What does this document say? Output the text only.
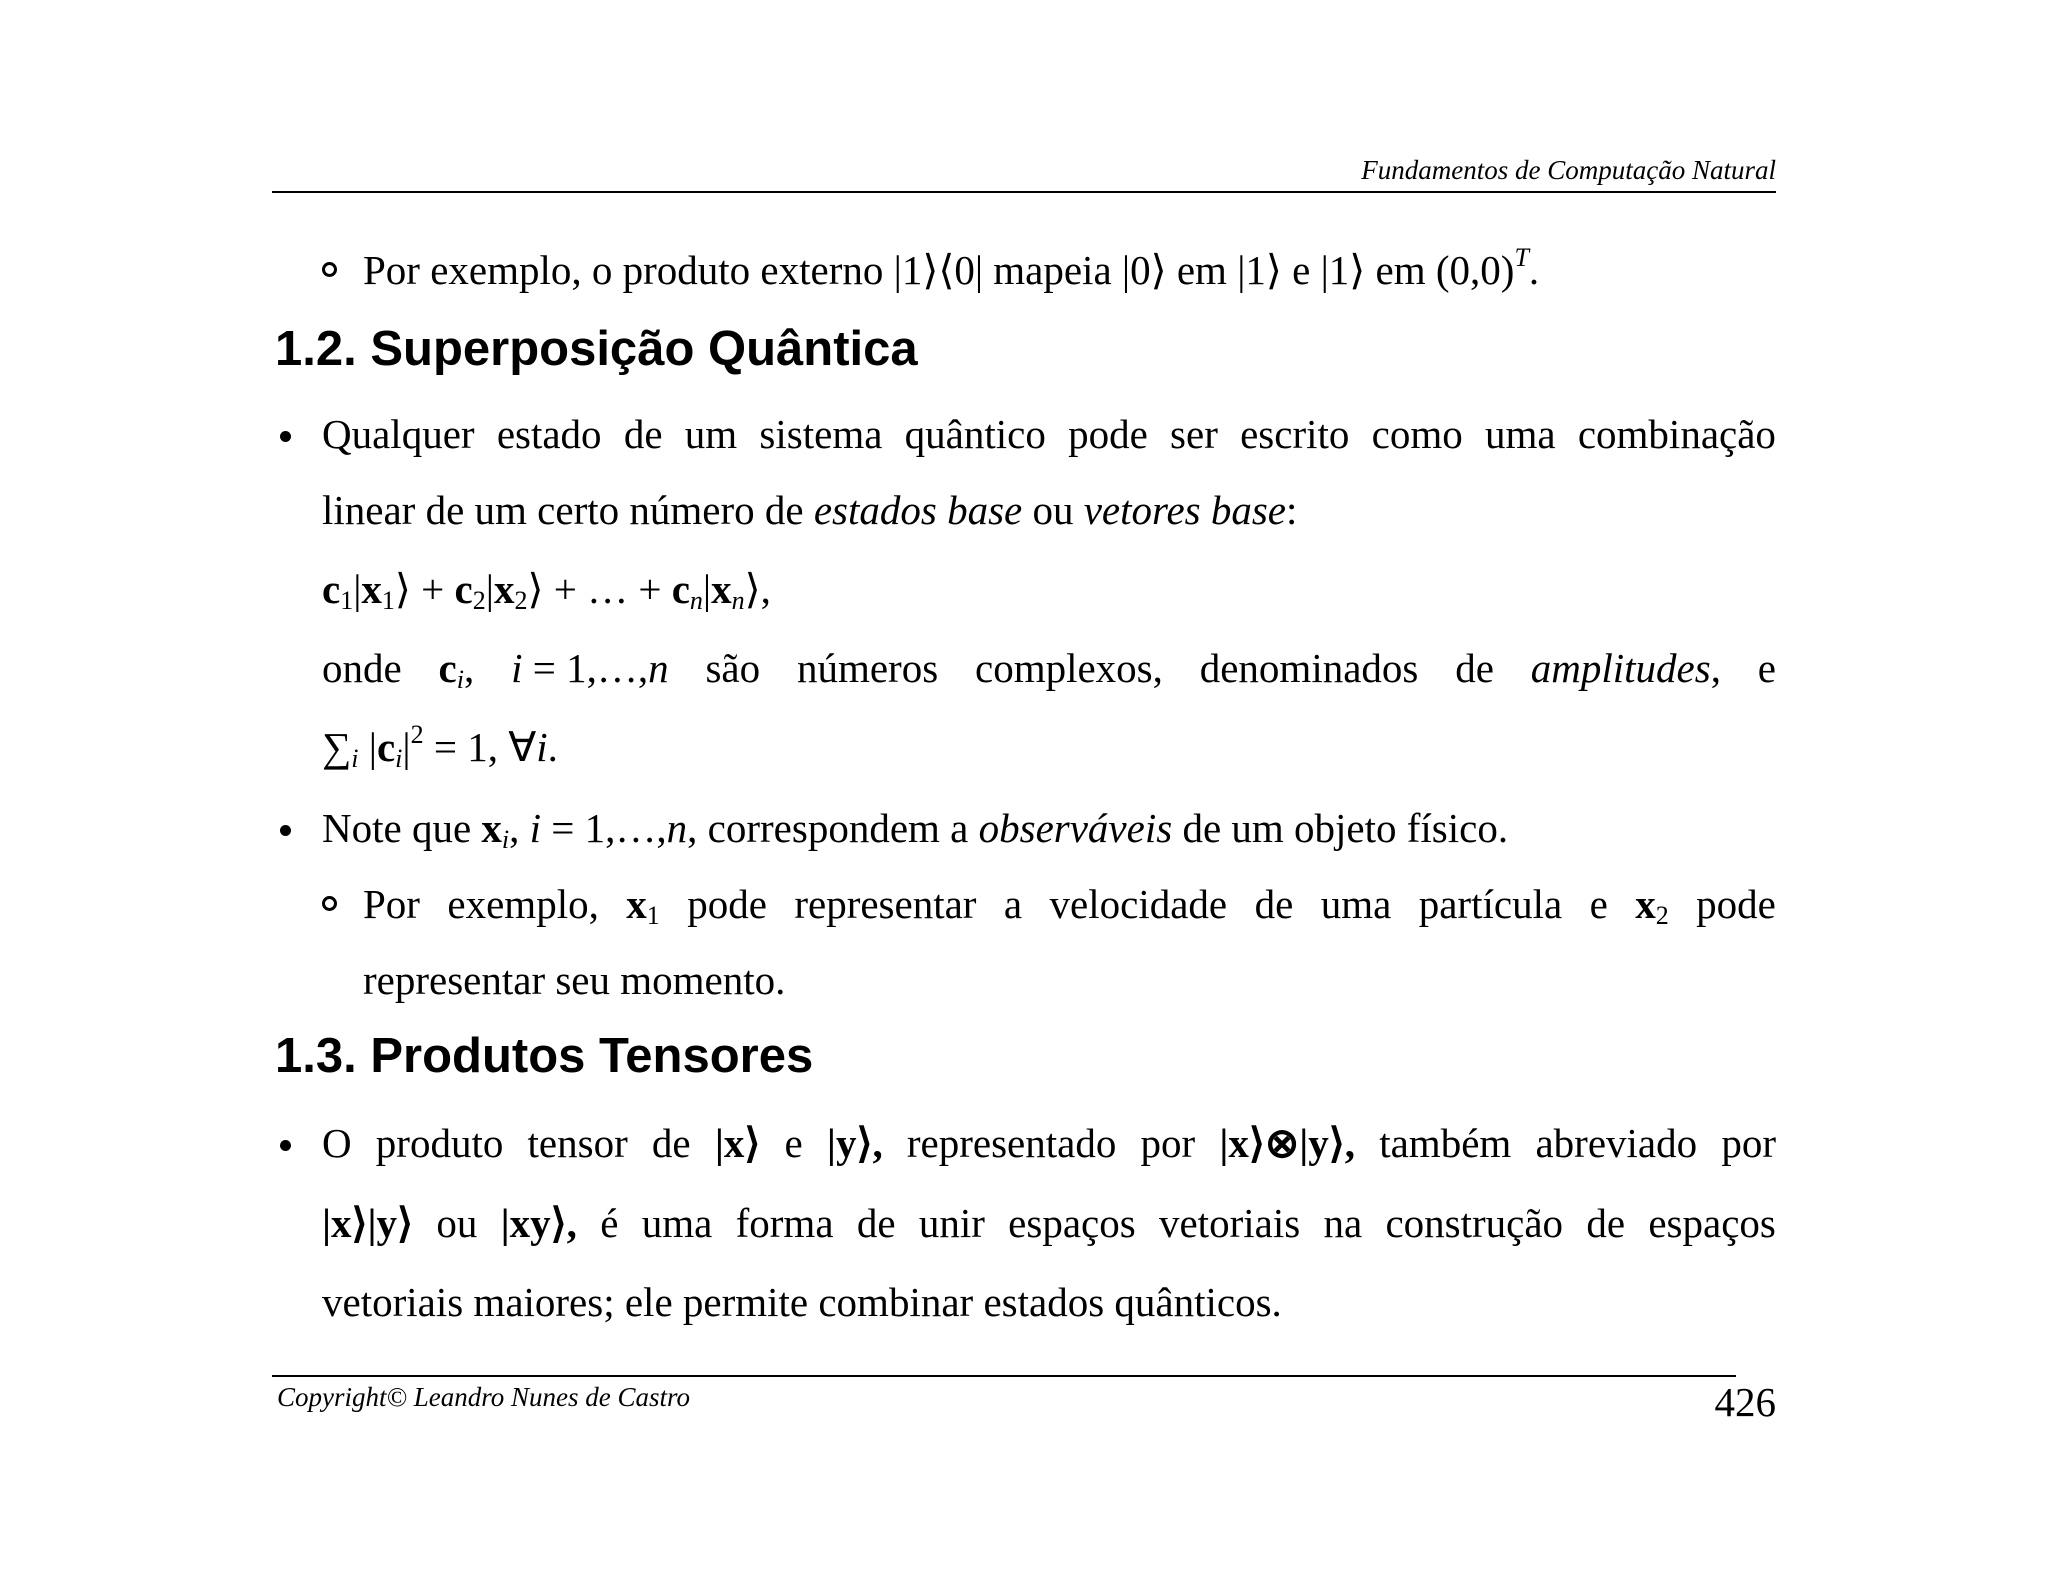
Fundamentos de Computação Natural
Por exemplo, o produto externo |1⟩⟨0| mapeia |0⟩ em |1⟩ e |1⟩ em $(0,0)^T$.
1.2. Superposição Quântica
Qualquer estado de um sistema quântico pode ser escrito como uma combinação
linear de um certo número de estados base ou vetores base:
$c_1|x_1⟩$ + $c_2|x_2⟩$ + … + $c_n|x_n⟩$,
onde $c_i$, i = 1,…,n são números complexos, denominados de amplitudes, e
$\sum_i$ $|c_i|^2 = 1$, ∀i.
Note que $x_i$, i = 1,…,n, correspondem a observáveis de um objeto físico.
Por exemplo, $x_1$ pode representar a velocidade de uma partícula e $x_2$ pode
representar seu momento.
1.3. Produtos Tensores
O produto tensor de |x⟩ e |y⟩, representado por |x⟩⊗|y⟩, também abreviado por
|x⟩|y⟩ ou |xy⟩, é uma forma de unir espaços vetoriais na construção de espaços
vetoriais maiores; ele permite combinar estados quânticos.
Copyright© Leandro Nunes de Castro	426
